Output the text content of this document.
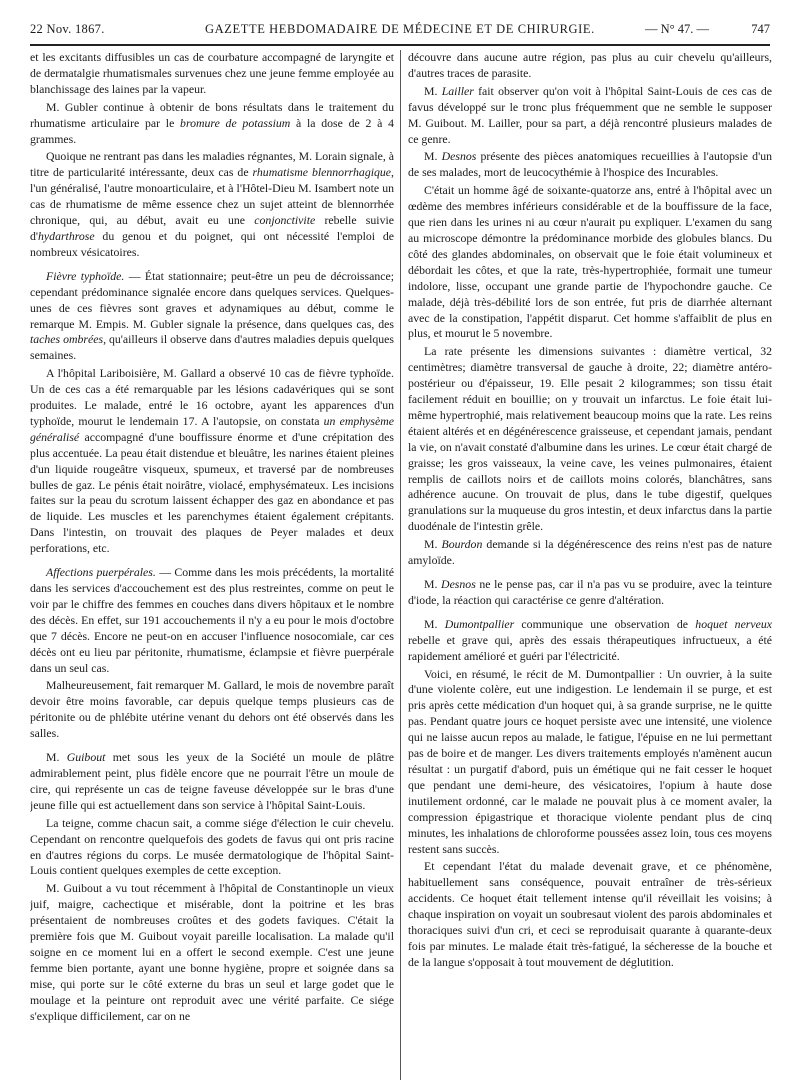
22 Nov. 1867.	GAZETTE HEBDOMADAIRE DE MÉDECINE ET DE CHIRURGIE.	— N° 47. —	747

et les excitants diffusibles un cas de courbature accompagné de laryngite et de dermatalgie rhumatismales survenues chez une jeune femme employée au blanchissage des laines par la vapeur.

M. Gubler continue à obtenir de bons résultats dans le traitement du rhumatisme articulaire par le bromure de potassium à la dose de 2 à 4 grammes.

Quoique ne rentrant pas dans les maladies régnantes, M. Lorain signale, à titre de particularité intéressante, deux cas de rhumatisme blennorrhagique, l'un généralisé, l'autre monoarticulaire, et à l'Hôtel-Dieu M. Isambert note un cas de rhumatisme de même essence chez un sujet atteint de blennorrhée chronique, qui, au début, avait eu une conjonctivite rebelle suivie d'hydarthrose du genou et du poignet, qui ont nécessité l'emploi de nombreux vésicatoires.

Fièvre typhoïde. — État stationnaire; peut-être un peu de décroissance; cependant prédominance signalée encore dans quelques services. Quelques-unes de ces fièvres sont graves et adynamiques au début, comme le remarque M. Empis. M. Gubler signale la présence, dans quelques cas, des taches ombrées, qu'ailleurs il observe dans d'autres maladies depuis quelques semaines.

A l'hôpital Lariboisière, M. Gallard a observé 10 cas de fièvre typhoïde. Un de ces cas a été remarquable par les lésions cadavériques qui se sont produites. Le malade, entré le 16 octobre, ayant les apparences d'un typhoïde, mourut le lendemain 17. A l'autopsie, on constata un emphysème généralisé accompagné d'une bouffissure énorme et d'une crépitation des plus accentuée. La peau était distendue et bleuâtre, les narines étaient pleines d'un liquide rougeâtre visqueux, spumeux, et traversé par de nombreuses bulles de gaz. Le pénis était noirâtre, violacé, emphysémateux. Les incisions faites sur la peau du scrotum laissent échapper des gaz en abondance et pas de liquide. Les muscles et les parenchymes étaient également crépitants. Dans l'intestin, on trouvait des plaques de Peyer malades et deux perforations, etc.

Affections puerpérales. — Comme dans les mois précédents, la mortalité dans les services d'accouchement est des plus restreintes, comme on peut le voir par le chiffre des femmes en couches dans divers hôpitaux et le nombre des décès. En effet, sur 191 accouchements il n'y a eu pour le mois d'octobre que 7 décès. Encore ne peut-on en accuser l'influence nosocomiale, car ces décès ont eu lieu par péritonite, rhumatisme, éclampsie et fièvre puerpérale dans un seul cas.

Malheureusement, fait remarquer M. Gallard, le mois de novembre paraît devoir être moins favorable, car depuis quelque temps plusieurs cas de péritonite ou de phlébite utérine venant du dehors ont été observés dans les salles.

M. Guibout met sous les yeux de la Société un moule de plâtre admirablement peint, plus fidèle encore que ne pourrait l'être un moule de cire, qui représente un cas de teigne faveuse développée sur le bras d'une jeune fille qui est actuellement dans son service à l'hôpital Saint-Louis.

La teigne, comme chacun sait, a comme siége d'élection le cuir chevelu. Cependant on rencontre quelquefois des godets de favus qui ont pris racine en d'autres régions du corps. Le musée dermatologique de l'hôpital Saint-Louis contient quelques exemples de cette exception.

M. Guibout a vu tout récemment à l'hôpital de Constantinople un vieux juif, maigre, cachectique et misérable, dont la poitrine et les bras présentaient de nombreuses croûtes et des godets faviques. C'était la première fois que M. Guibout voyait pareille localisation. La malade qu'il soigne en ce moment lui en a offert le second exemple. C'est une jeune femme bien portante, ayant une bonne hygiène, propre et soignée dans sa mise, qui porte sur le côté externe du bras un seul et large godet que le moulage et la peinture ont reproduit avec une vérité parfaite. Ce siége s'explique difficilement, car on ne

découvre dans aucune autre région, pas plus au cuir chevelu qu'ailleurs, d'autres traces de parasite.

M. Lailler fait observer qu'on voit à l'hôpital Saint-Louis de ces cas de favus développé sur le tronc plus fréquemment que ne semble le supposer M. Guibout. M. Lailler, pour sa part, a déjà rencontré plusieurs malades de ce genre.

M. Desnos présente des pièces anatomiques recueillies à l'autopsie d'un de ses malades, mort de leucocythémie à l'hospice des Incurables.

C'était un homme âgé de soixante-quatorze ans, entré à l'hôpital avec un œdème des membres inférieurs considérable et de la bouffissure de la face, que rien dans les urines ni au cœur n'aurait pu expliquer. L'examen du sang au microscope démontre la prédominance morbide des globules blancs. Du côté des glandes abdominales, on observait que le foie était volumineux et débordait les côtes, et que la rate, très-hypertrophiée, formait une tumeur indolore, lisse, occupant une grande partie de l'hypochondre gauche. Ce malade, déjà très-débilité lors de son entrée, fut pris de diarrhée alternant avec de la constipation, l'appétit disparut. Cet homme s'affaiblit de plus en plus, et mourut le 5 novembre.

La rate présente les dimensions suivantes : diamètre vertical, 32 centimètres; diamètre transversal de gauche à droite, 22; diamètre antéro-postérieur ou d'épaisseur, 19. Elle pesait 2 kilogrammes; son tissu était facilement réduit en bouillie; on y trouvait un infarctus. Le foie était lui-même hypertrophié, mais relativement beaucoup moins que la rate. Les reins étaient altérés et en dégénérescence graisseuse, et cependant jamais, pendant la vie, on n'avait constaté d'albumine dans les urines. Le cœur était chargé de graisse; les gros vaisseaux, la veine cave, les veines pulmonaires, étaient remplis de caillots noirs et de caillots moins colorés, blanchâtres, sans adhérence aucune. On trouvait de plus, dans le tube digestif, quelques granulations sur la muqueuse du gros intestin, et deux infarctus dans la partie duodénale de l'intestin grêle.

M. Bourdon demande si la dégénérescence des reins n'est pas de nature amyloïde.

M. Desnos ne le pense pas, car il n'a pas vu se produire, avec la teinture d'iode, la réaction qui caractérise ce genre d'altération.

M. Dumontpallier communique une observation de hoquet nerveux rebelle et grave qui, après des essais thérapeutiques infructueux, a été rapidement amélioré et guéri par l'électricité.

Voici, en résumé, le récit de M. Dumontpallier : Un ouvrier, à la suite d'une violente colère, eut une indigestion. Le lendemain il se purge, et est pris après cette médication d'un hoquet qui, à sa grande surprise, ne le quitte pas. Pendant quatre jours ce hoquet persiste avec une intensité, une violence qui ne laisse aucun repos au malade, le fatigue, l'épuise en ne lui permettant pas de boire et de manger. Les divers traitements employés n'amènent aucun résultat : un purgatif d'abord, puis un émétique qui ne fait cesser le hoquet que pendant une demi-heure, des vésicatoires, l'opium à haute dose inutilement ordonné, car le malade ne pouvait plus à ce moment avaler, la compression épigastrique et thoracique violente pendant plus de cinq minutes, les inhalations de chloroforme poussées assez loin, tous ces moyens restent sans succès.

Et cependant l'état du malade devenait grave, et ce phénomène, habituellement sans conséquence, pouvait entraîner de très-sérieux accidents. Ce hoquet était tellement intense qu'il réveillait les voisins; à chaque inspiration on voyait un soubresaut violent des parois abdominales et thoraciques suivi d'un cri, et ceci se reproduisait quarante à quarante-deux fois par minutes. Le malade était très-fatigué, la sécheresse de la bouche et de la langue s'opposait à tout mouvement de déglutition.
